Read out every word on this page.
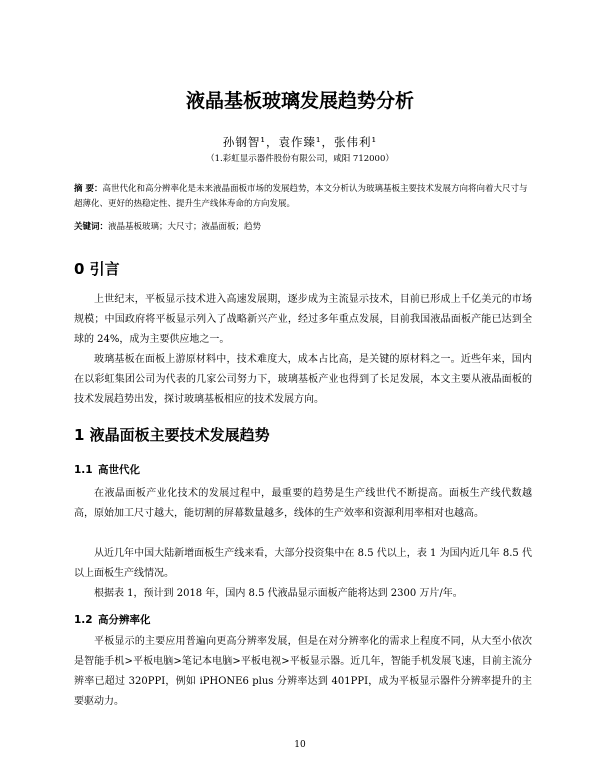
液晶基板玻璃发展趋势分析
孙钢智¹，袁作臻¹，张伟利¹
（1.彩虹显示器件股份有限公司，咸阳 712000）
摘 要：高世代化和高分辨率化是未来液晶面板市场的发展趋势，本文分析认为玻璃基板主要技术发展方向将向着大尺寸与超薄化、更好的热稳定性、提升生产线体寿命的方向发展。
关键词：液晶基板玻璃；大尺寸；液晶面板；趋势
0 引言
上世纪末，平板显示技术进入高速发展期，逐步成为主流显示技术，目前已形成上千亿美元的市场规模；中国政府将平板显示列入了战略新兴产业，经过多年重点发展，目前我国液晶面板产能已达到全球的 24%，成为主要供应地之一。
玻璃基板在面板上游原材料中，技术难度大，成本占比高，是关键的原材料之一。近些年来，国内在以彩虹集团公司为代表的几家公司努力下，玻璃基板产业也得到了长足发展，本文主要从液晶面板的技术发展趋势出发，探讨玻璃基板相应的技术发展方向。
1 液晶面板主要技术发展趋势
1.1 高世代化
在液晶面板产业化技术的发展过程中，最重要的趋势是生产线世代不断提高。面板生产线代数越高，原始加工尺寸越大，能切割的屏幕数量越多，线体的生产效率和资源利用率相对也越高。
从近几年中国大陆新增面板生产线来看，大部分投资集中在 8.5 代以上，表 1 为国内近几年 8.5 代以上面板生产线情况。
根据表 1，预计到 2018 年，国内 8.5 代液晶显示面板产能将达到 2300 万片/年。
1.2 高分辨率化
平板显示的主要应用普遍向更高分辨率发展，但是在对分辨率化的需求上程度不同，从大至小依次是智能手机>平板电脑>笔记本电脑>平板电视>平板显示器。近几年，智能手机发展飞速，目前主流分辨率已超过 320PPI，例如 iPHONE6 plus 分辨率达到 401PPI，成为平板显示器件分辨率提升的主要驱动力。
10
